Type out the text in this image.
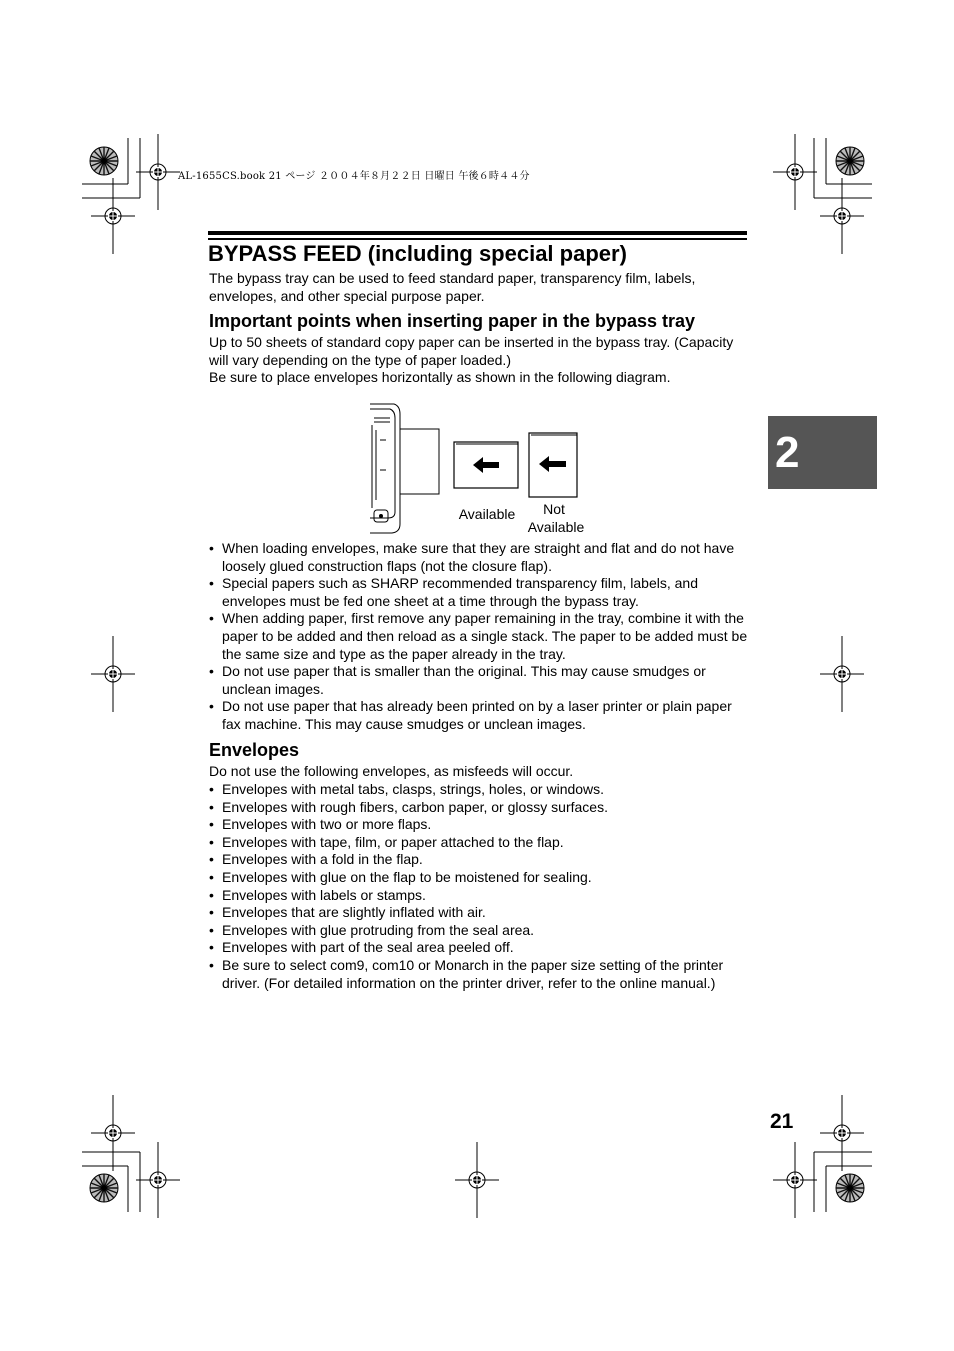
AL-1655CS.book 21 ページ ２００４年８月２２日 日曜日 午後６時４４分
BYPASS FEED (including special paper)

The bypass tray can be used to feed standard paper, transparency film, labels, envelopes, and other special purpose paper.

Important points when inserting paper in the bypass tray

Up to 50 sheets of standard copy paper can be inserted in the bypass tray. (Capacity will vary depending on the type of paper loaded.)

Be sure to place envelopes horizontally as shown in the following diagram.

Available	Not
Available
• When loading envelopes, make sure that they are straight and flat and do not have loosely glued construction flaps (not the closure flap).
• Special papers such as SHARP recommended transparency film, labels, and envelopes must be fed one sheet at a time through the bypass tray.
• When adding paper, first remove any paper remaining in the tray, combine it with the paper to be added and then reload as a single stack. The paper to be added must be the same size and type as the paper already in the tray.
• Do not use paper that is smaller than the original. This may cause smudges or unclean images.
• Do not use paper that has already been printed on by a laser printer or plain paper fax machine. This may cause smudges or unclean images.
Envelopes

Do not use the following envelopes, as misfeeds will occur.

• Envelopes with metal tabs, clasps, strings, holes, or windows.
• Envelopes with rough fibers, carbon paper, or glossy surfaces.
• Envelopes with two or more flaps.
• Envelopes with tape, film, or paper attached to the flap.
• Envelopes with a fold in the flap.
• Envelopes with glue on the flap to be moistened for sealing.
• Envelopes with labels or stamps.
• Envelopes that are slightly inflated with air.
• Envelopes with glue protruding from the seal area.
• Envelopes with part of the seal area peeled off.
• Be sure to select com9, com10 or Monarch in the paper size setting of the printer driver. (For detailed information on the printer driver, refer to the online manual.)
2
21
